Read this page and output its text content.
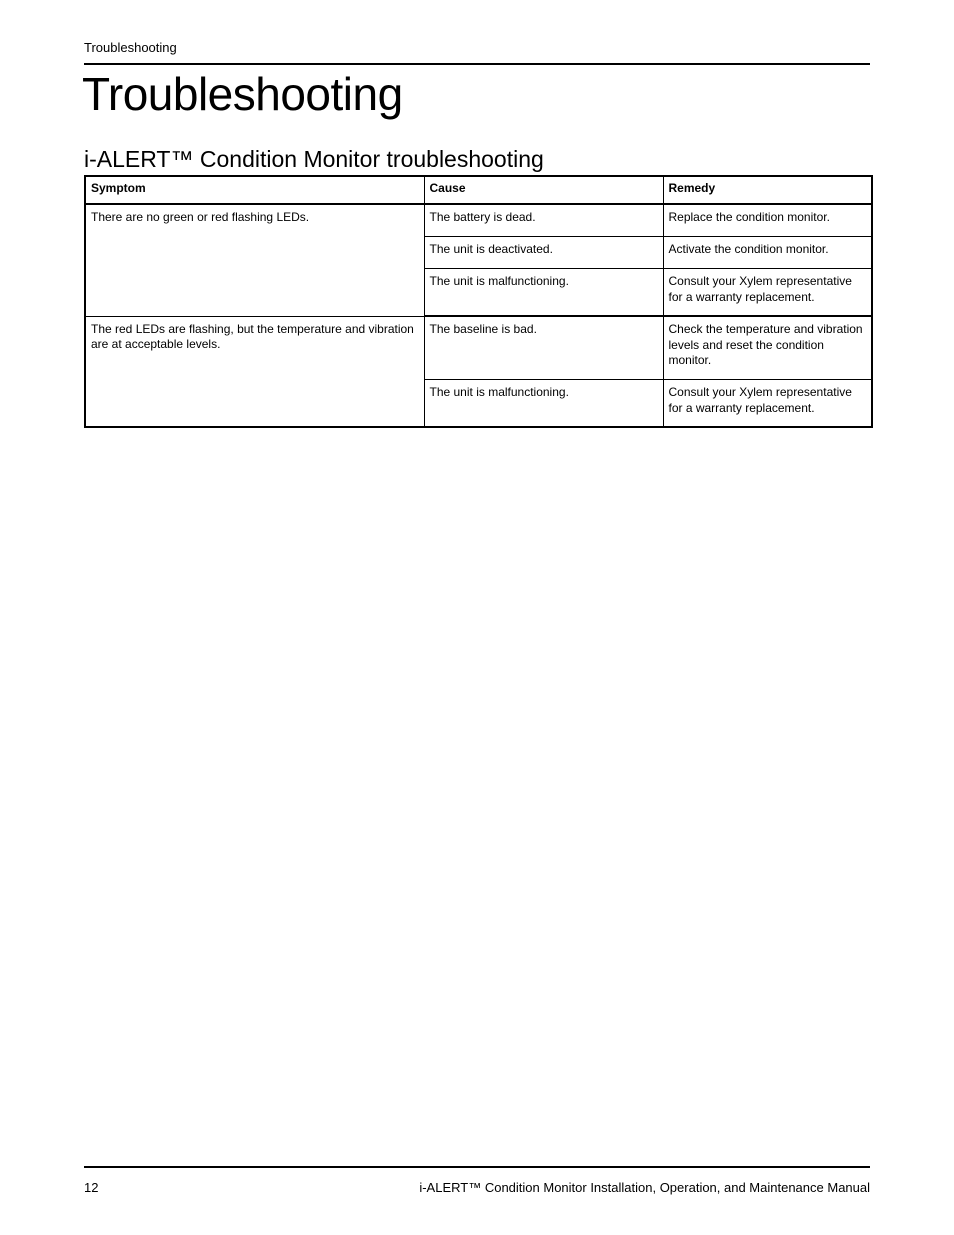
Troubleshooting
Troubleshooting
i-ALERT™ Condition Monitor troubleshooting
Symptom	Cause	Remedy
There are no green or red flashing LEDs.	The battery is dead.	Replace the condition monitor.
	The unit is deactivated.	Activate the condition monitor.
	The unit is malfunctioning.	Consult your Xylem representative for a warranty replacement.
The red LEDs are flashing, but the temperature and vibration are at acceptable levels.	The baseline is bad.	Check the temperature and vibration levels and reset the condition monitor.
	The unit is malfunctioning.	Consult your Xylem representative for a warranty replacement.
12	i-ALERT™ Condition Monitor Installation, Operation, and Maintenance Manual
